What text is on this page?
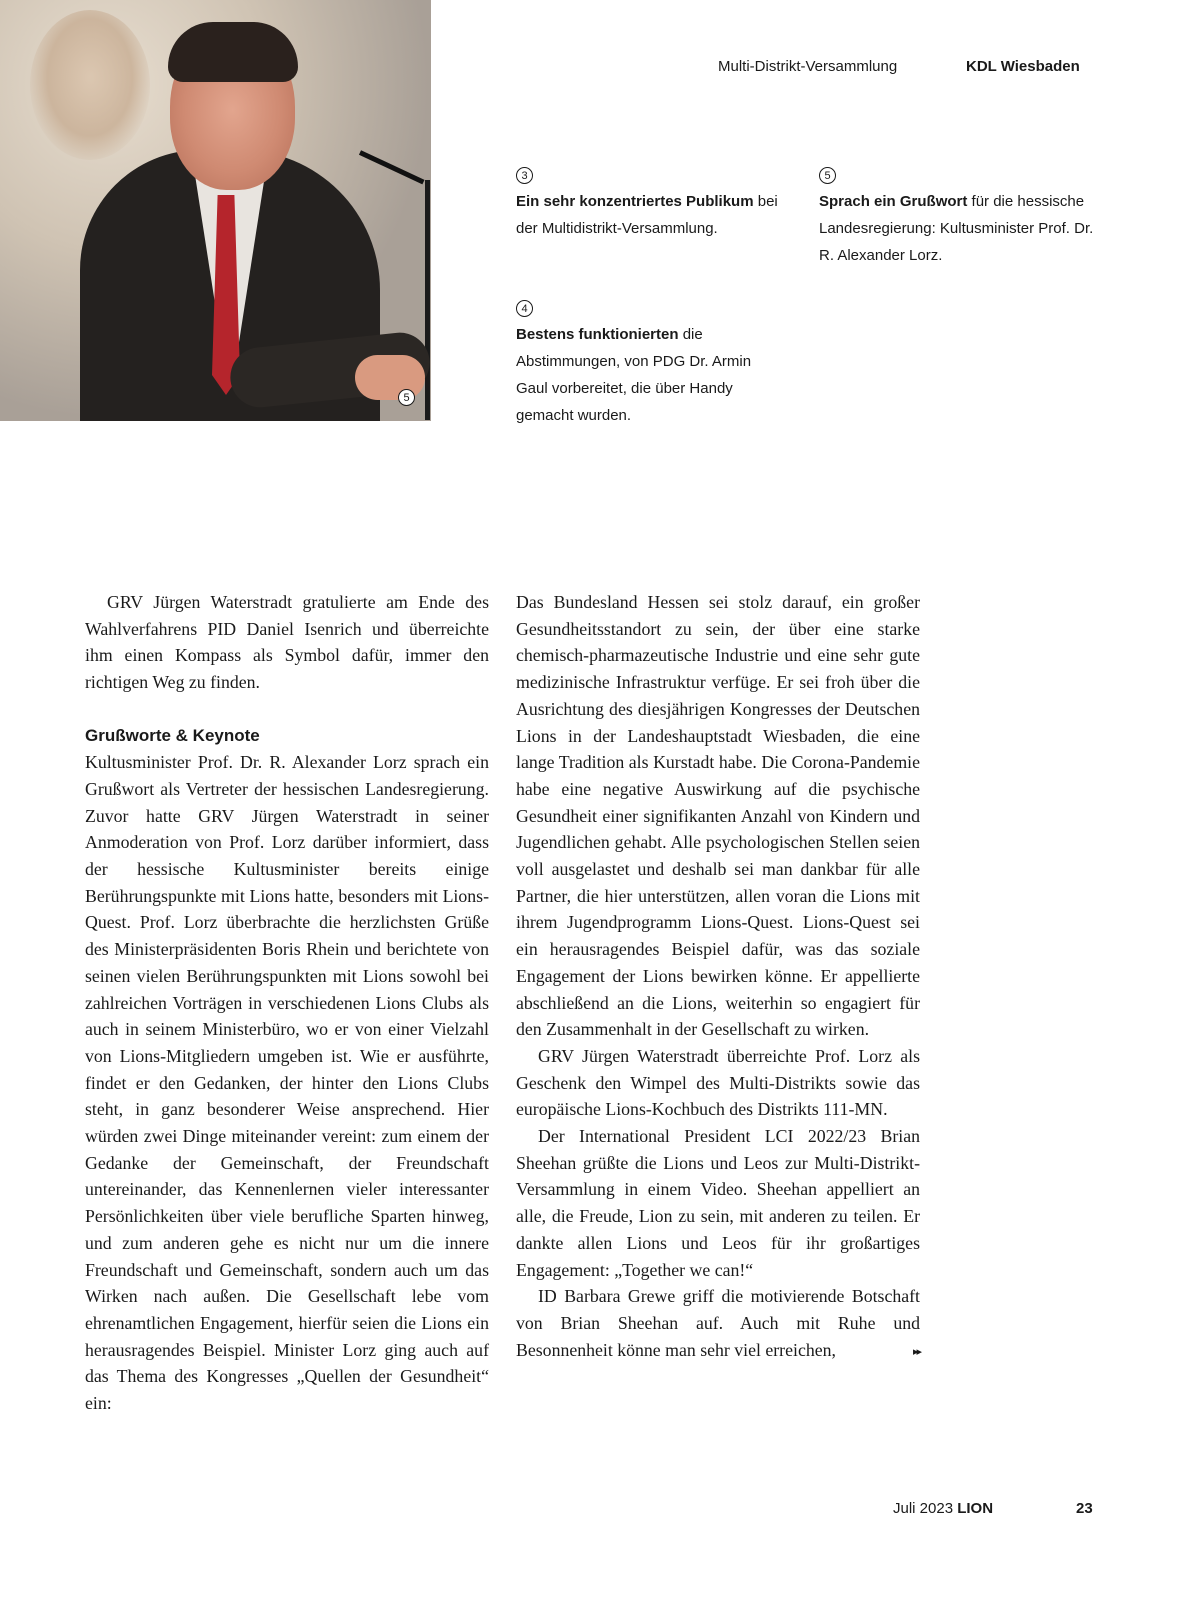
5
Multi-Distrikt-Versammlung	KDL Wiesbaden
3
Ein sehr konzentriertes Publikum bei der Multidistrikt-Versammlung.
5
Sprach ein Grußwort für die hessische Landesregierung: Kultusminister Prof. Dr. R. Alexander Lorz.
4
Bestens funktionierten die Abstimmungen, von PDG Dr. Armin Gaul vorbereitet, die über Handy gemacht wurden.

GRV Jürgen Waterstradt gratulierte am Ende des Wahlverfahrens PID Daniel Isenrich und überreichte ihm einen Kompass als Symbol dafür, immer den richtigen Weg zu finden.

Grußworte & Keynote

Kultusminister Prof. Dr. R. Alexander Lorz sprach ein Grußwort als Vertreter der hessischen Landesregierung. Zuvor hatte GRV Jürgen Waterstradt in seiner Anmoderation von Prof. Lorz darüber informiert, dass der hessische Kultusminister bereits einige Berührungspunkte mit Lions hatte, besonders mit Lions-Quest. Prof. Lorz überbrachte die herzlichsten Grüße des Ministerpräsidenten Boris Rhein und berichtete von seinen vielen Berührungspunkten mit Lions sowohl bei zahlreichen Vorträgen in verschiedenen Lions Clubs als auch in seinem Ministerbüro, wo er von einer Vielzahl von Lions-Mitgliedern umgeben ist. Wie er ausführte, findet er den Gedanken, der hinter den Lions Clubs steht, in ganz besonderer Weise ansprechend. Hier würden zwei Dinge miteinander vereint: zum einem der Gedanke der Gemeinschaft, der Freundschaft untereinander, das Kennenlernen vieler interessanter Persönlichkeiten über viele berufliche Sparten hinweg, und zum anderen gehe es nicht nur um die innere Freundschaft und Gemeinschaft, sondern auch um das Wirken nach außen. Die Gesellschaft lebe vom ehrenamtlichen Engagement, hierfür seien die Lions ein herausragendes Beispiel. Minister Lorz ging auch auf das Thema des Kongresses „Quellen der Gesundheit“ ein:

Das Bundesland Hessen sei stolz darauf, ein großer Gesundheitsstandort zu sein, der über eine starke chemisch-pharmazeutische Industrie und eine sehr gute medizinische Infrastruktur verfüge. Er sei froh über die Ausrichtung des diesjährigen Kongresses der Deutschen Lions in der Landeshauptstadt Wiesbaden, die eine lange Tradition als Kurstadt habe. Die Corona-Pandemie habe eine negative Auswirkung auf die psychische Gesundheit einer signifikanten Anzahl von Kindern und Jugendlichen gehabt. Alle psychologischen Stellen seien voll ausgelastet und deshalb sei man dankbar für alle Partner, die hier unterstützen, allen voran die Lions mit ihrem Jugendprogramm Lions-Quest. Lions-Quest sei ein herausragendes Beispiel dafür, was das soziale Engagement der Lions bewirken könne. Er appellierte abschließend an die Lions, weiterhin so engagiert für den Zusammenhalt in der Gesellschaft zu wirken.

GRV Jürgen Waterstradt überreichte Prof. Lorz als Geschenk den Wimpel des Multi-Distrikts sowie das europäische Lions-Kochbuch des Distrikts 111-MN.

Der International President LCI 2022/23 Brian Sheehan grüßte die Lions und Leos zur Multi-Distrikt-Versammlung in einem Video. Sheehan appelliert an alle, die Freude, Lion zu sein, mit anderen zu teilen. Er dankte allen Lions und Leos für ihr großartiges Engagement: „Together we can!“

ID Barbara Grewe griff die motivierende Botschaft von Brian Sheehan auf. Auch mit Ruhe und Besonnenheit könne man sehr viel erreichen,	▸▸

Juli 2023 LION	23
